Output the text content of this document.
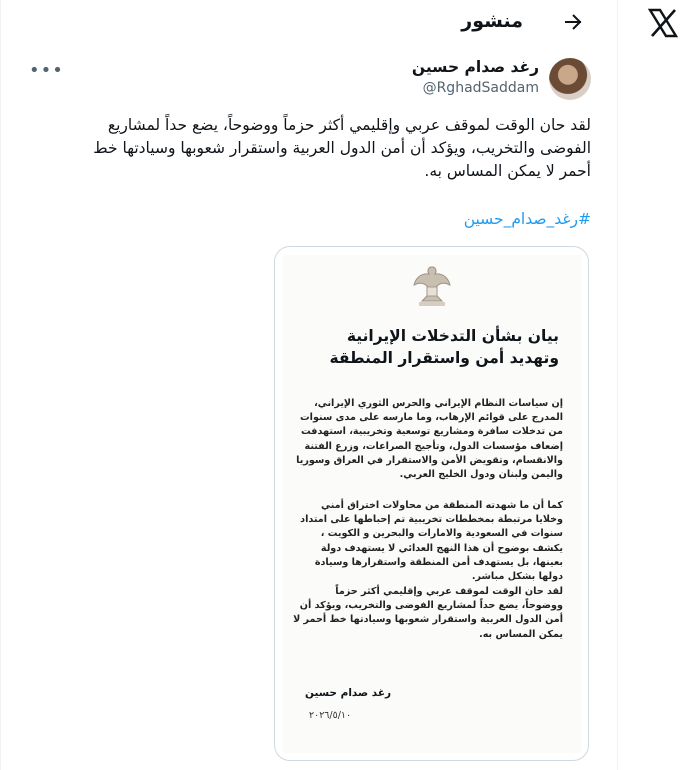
منشور
رغد صدام حسين
@RghadSaddam
•••
لقد حان الوقت لموقف عربي وإقليمي أكثر حزماً ووضوحاً، يضع حداً لمشاريع الفوضى والتخريب، ويؤكد أن أمن الدول العربية واستقرار شعوبها وسيادتها خط أحمر لا يمكن المساس به.
#رغد_صدام_حسين
بيان بشأن التدخلات الإيرانية وتهديد أمن واستقرار المنطقة
إن سياسات النظام الإيراني والحرس الثوري الإيراني، المدرج على قوائم الإرهاب، وما مارسه على مدى سنوات من تدخلات سافرة ومشاريع توسعية وتخريبية، استهدفت إضعاف مؤسسات الدول، وتأجيج الصراعات، وزرع الفتنة والانقسام، وتقويض الأمن والاستقرار في العراق وسوريا واليمن ولبنان ودول الخليج العربي.
كما أن ما شهدته المنطقة من محاولات اختراق أمني وخلايا مرتبطة بمخططات تخريبية تم إحباطها على امتداد سنوات في السعودية والامارات والبحرين و الكويت ، يكشف بوضوح أن هذا النهج العدائي لا يستهدف دولة بعينها، بل يستهدف أمن المنطقة واستقرارها وسيادة دولها بشكل مباشر.
لقد حان الوقت لموقف عربي وإقليمي أكثر حزماً ووضوحاً، يضع حداً لمشاريع الفوضى والتخريب، ويؤكد أن أمن الدول العربية واستقرار شعوبها وسيادتها خط أحمر لا يمكن المساس به.
رغد صدام حسين
٢٠٢٦/٥/١٠
